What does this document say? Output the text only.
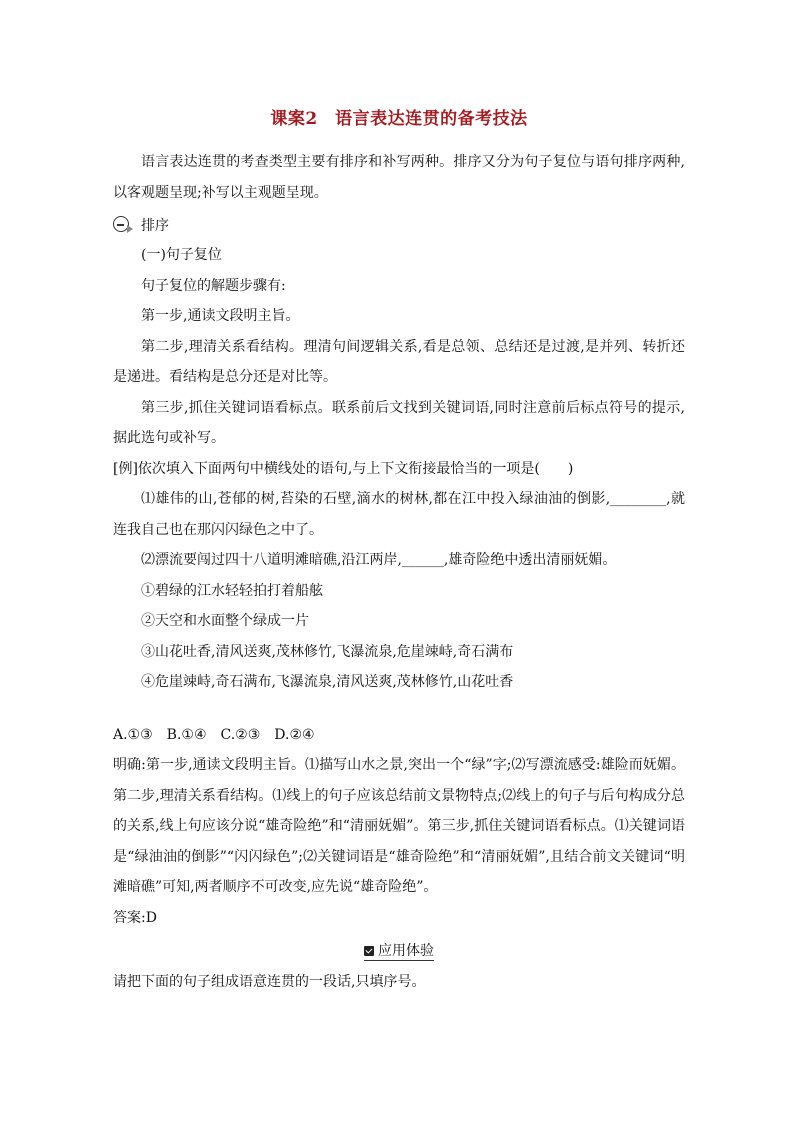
课案2　语言表达连贯的备考技法

语言表达连贯的考查类型主要有排序和补写两种。排序又分为句子复位与语句排序两种,以客观题呈现;补写以主观题呈现。

排序

(一)句子复位

句子复位的解题步骤有:

第一步,通读文段明主旨。

第二步,理清关系看结构。理清句间逻辑关系,看是总领、总结还是过渡,是并列、转折还是递进。看结构是总分还是对比等。

第三步,抓住关键词语看标点。联系前后文找到关键词语,同时注意前后标点符号的提示,据此选句或补写。

[例]依次填入下面两句中横线处的语句,与上下文衔接最恰当的一项是(　　)

⑴雄伟的山,苍郁的树,苔染的石壁,滴水的树林,都在江中投入绿油油的倒影,________,就连我自己也在那闪闪绿色之中了。

⑵漂流要闯过四十八道明滩暗礁,沿江两岸,______,雄奇险绝中透出清丽妩媚。

①碧绿的江水轻轻拍打着船舷

②天空和水面整个绿成一片

③山花吐香,清风送爽,茂林修竹,飞瀑流泉,危崖竦峙,奇石满布

④危崖竦峙,奇石满布,飞瀑流泉,清风送爽,茂林修竹,山花吐香

A.①③　B.①④　C.②③　D.②④

明确:第一步,通读文段明主旨。⑴描写山水之景,突出一个“绿”字;⑵写漂流感受:雄险而妩媚。第二步,理清关系看结构。⑴线上的句子应该总结前文景物特点;⑵线上的句子与后句构成分总的关系,线上句应该分说“雄奇险绝”和“清丽妩媚”。第三步,抓住关键词语看标点。⑴关键词语是“绿油油的倒影”“闪闪绿色”;⑵关键词语是“雄奇险绝”和“清丽妩媚”,且结合前文关键词“明滩暗礁”可知,两者顺序不可改变,应先说“雄奇险绝”。

答案:D

应用体验

请把下面的句子组成语意连贯的一段话,只填序号。
